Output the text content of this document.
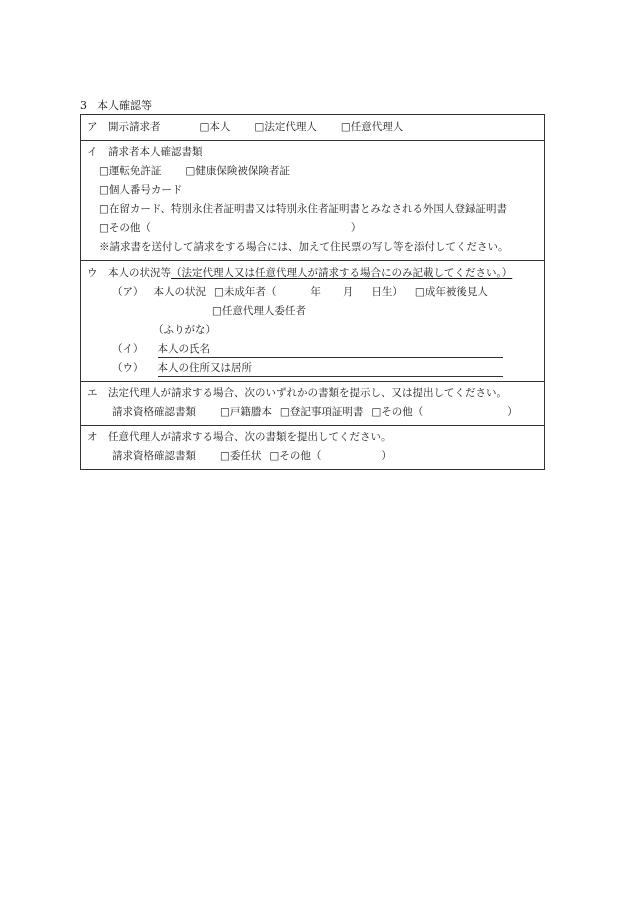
3 本人確認等
ア　開示請求者	□本人 □法定代理人 □任意代理人
イ　請求者本人確認書類
□運転免許証 □健康保険被保険者証
□個人番号カード
□在留カード、特別永住者証明書又は特別永住者証明書とみなされる外国人登録証明書
□その他（	）
※請求書を送付して請求をする場合には、加えて住民票の写し等を添付してください。
ウ　本人の状況等（法定代理人又は任意代理人が請求する場合にのみ記載してください。）
（ア） 本人の状況 □未成年者（	年 月 日生） □成年被後見人
□任意代理人委任者
（ふりがな）
（イ） 本人の氏名
（ウ） 本人の住所又は居所
エ　法定代理人が請求する場合、次のいずれかの書類を提示し、又は提出してください。
請求資格確認書類 □戸籍謄本 □登記事項証明書 □その他（	）
オ　任意代理人が請求する場合、次の書類を提出してください。
請求資格確認書類 □委任状 □その他（	）
